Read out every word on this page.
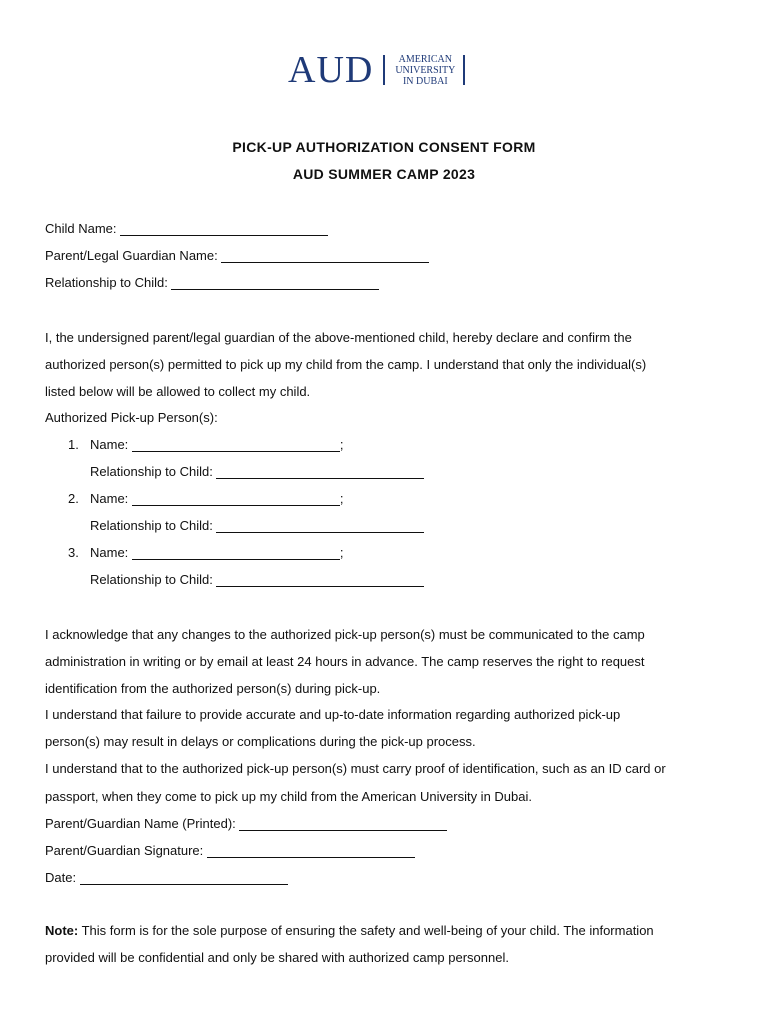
AUD	AMERICAN
UNIVERSITY
IN DUBAI
PICK-UP AUTHORIZATION CONSENT FORM
AUD SUMMER CAMP 2023
Child Name:
Parent/Legal Guardian Name:
Relationship to Child:
I, the undersigned parent/legal guardian of the above-mentioned child, hereby declare and confirm the
authorized person(s) permitted to pick up my child from the camp. I understand that only the individual(s)
listed below will be allowed to collect my child.
Authorized Pick-up Person(s):
1. Name:	;
Relationship to Child:
2. Name:	;
Relationship to Child:
3. Name:	;
Relationship to Child:
I acknowledge that any changes to the authorized pick-up person(s) must be communicated to the camp
administration in writing or by email at least 24 hours in advance. The camp reserves the right to request
identification from the authorized person(s) during pick-up.
I understand that failure to provide accurate and up-to-date information regarding authorized pick-up
person(s) may result in delays or complications during the pick-up process.
I understand that to the authorized pick-up person(s) must carry proof of identification, such as an ID card or
passport, when they come to pick up my child from the American University in Dubai.
Parent/Guardian Name (Printed):
Parent/Guardian Signature:
Date:
Note: This form is for the sole purpose of ensuring the safety and well-being of your child. The information
provided will be confidential and only be shared with authorized camp personnel.
